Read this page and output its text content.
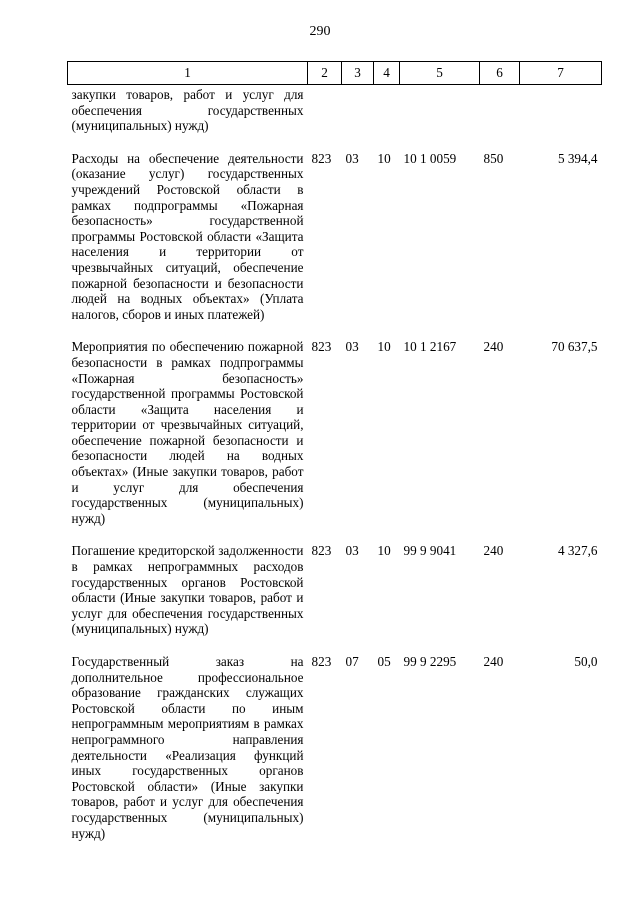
290
1	2	3	4	5	6	7
закупки товаров, работ и услуг для обеспечения государственных (муниципальных) нужд)						
Расходы на обеспечение деятельности (оказание услуг) государственных учреждений Ростовской области в рамках подпрограммы «Пожарная безопасность» государственной программы Ростовской области «Защита населения и территории от чрезвычайных ситуаций, обеспечение пожарной безопасности и безопасности людей на водных объектах» (Уплата налогов, сборов и иных платежей)	823	03	10	10 1 0059	850	5 394,4
Мероприятия по обеспечению пожарной безопасности в рамках подпрограммы «Пожарная безопасность» государственной программы Ростовской области «Защита населения и территории от чрезвычайных ситуаций, обеспечение пожарной безопасности и безопасности людей на водных объектах» (Иные закупки товаров, работ и услуг для обеспечения государственных (муниципальных) нужд)	823	03	10	10 1 2167	240	70 637,5
Погашение кредиторской задолженности в рамках непрограммных расходов государственных органов Ростовской области (Иные закупки товаров, работ и услуг для обеспечения государственных (муниципальных) нужд)	823	03	10	99 9 9041	240	4 327,6
Государственный заказ на дополнительное профессиональное образование гражданских служащих Ростовской области по иным непрограммным мероприятиям в рамках непрограммного направления деятельности «Реализация функций иных государственных органов Ростовской области» (Иные закупки товаров, работ и услуг для обеспечения государственных (муниципальных) нужд)	823	07	05	99 9 2295	240	50,0
